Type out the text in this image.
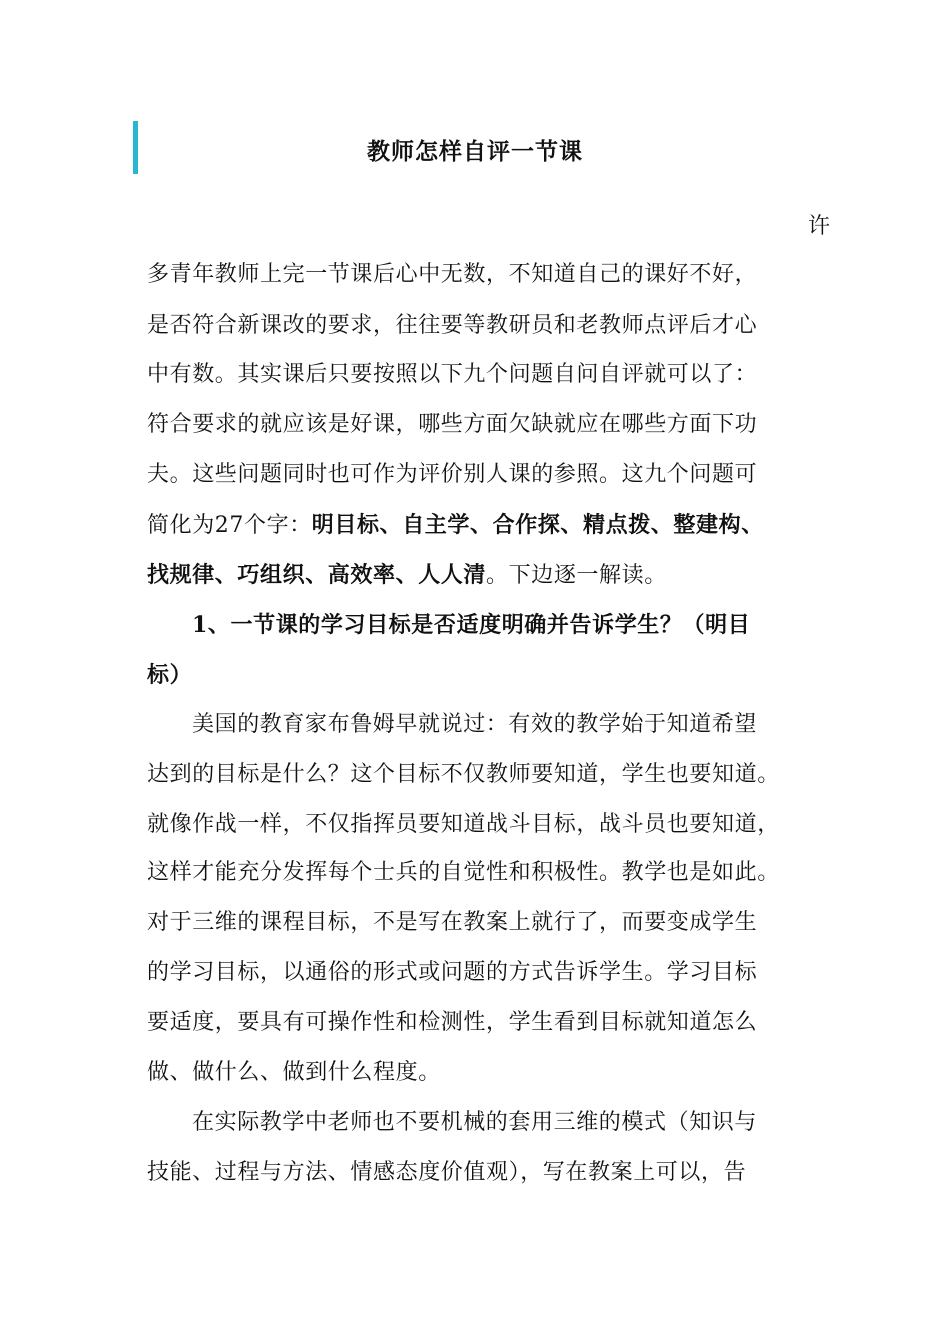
教师怎样自评一节课
许
多青年教师上完一节课后心中无数，不知道自己的课好不好，
是否符合新课改的要求，往往要等教研员和老教师点评后才心
中有数。其实课后只要按照以下九个问题自问自评就可以了：
符合要求的就应该是好课，哪些方面欠缺就应在哪些方面下功
夫。这些问题同时也可作为评价别人课的参照。这九个问题可
简化为27个字：明目标、自主学、合作探、精点拨、整建构、
找规律、巧组织、高效率、人人清。下边逐一解读。
1、一节课的学习目标是否适度明确并告诉学生？（明目
标）
美国的教育家布鲁姆早就说过：有效的教学始于知道希望
达到的目标是什么？这个目标不仅教师要知道，学生也要知道。
就像作战一样，不仅指挥员要知道战斗目标，战斗员也要知道，
这样才能充分发挥每个士兵的自觉性和积极性。教学也是如此。
对于三维的课程目标，不是写在教案上就行了，而要变成学生
的学习目标，以通俗的形式或问题的方式告诉学生。学习目标
要适度，要具有可操作性和检测性，学生看到目标就知道怎么
做、做什么、做到什么程度。
在实际教学中老师也不要机械的套用三维的模式（知识与
技能、过程与方法、情感态度价值观），写在教案上可以，告
